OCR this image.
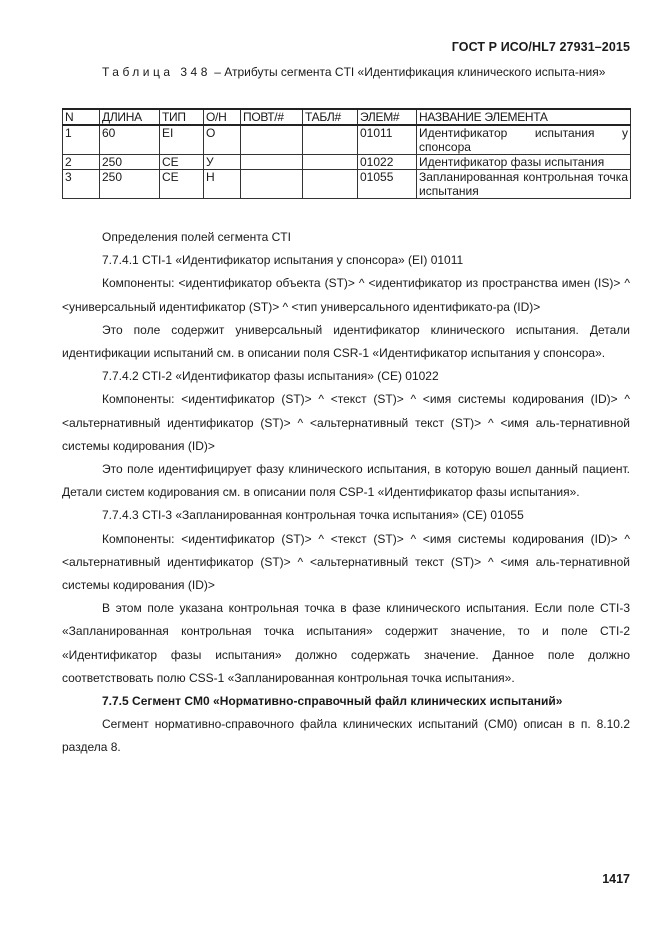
ГОСТ Р ИСО/HL7 27931–2015
Таблица 348 – Атрибуты сегмента CTI «Идентификация клинического испыта-ния»
N	ДЛИНА	ТИП	О/Н	ПОВТ/#	ТАБЛ#	ЭЛЕМ#	НАЗВАНИЕ ЭЛЕМЕНТА
1	60	EI	О			01011	Идентификатор испытания у спонсора
2	250	CE	У			01022	Идентификатор фазы испытания
3	250	CE	Н			01055	Запланированная контрольная точка испытания

Определения полей сегмента CTI

7.7.4.1 CTI-1 «Идентификатор испытания у спонсора» (EI) 01011

Компоненты: <идентификатор объекта (ST)> ^ <идентификатор из пространства имен (IS)> ^ <универсальный идентификатор (ST)> ^ <тип универсального идентификато-ра (ID)>

Это поле содержит универсальный идентификатор клинического испытания. Детали идентификации испытаний см. в описании поля CSR-1 «Идентификатор испытания у спонсора».

7.7.4.2 CTI-2 «Идентификатор фазы испытания» (CE) 01022

Компоненты: <идентификатор (ST)> ^ <текст (ST)> ^ <имя системы кодирования (ID)> ^ <альтернативный идентификатор (ST)> ^ <альтернативный текст (ST)> ^ <имя аль-тернативной системы кодирования (ID)>

Это поле идентифицирует фазу клинического испытания, в которую вошел данный пациент. Детали систем кодирования см. в описании поля CSP-1 «Идентификатор фазы испытания».

7.7.4.3 CTI-3 «Запланированная контрольная точка испытания» (CE) 01055

Компоненты: <идентификатор (ST)> ^ <текст (ST)> ^ <имя системы кодирования (ID)> ^ <альтернативный идентификатор (ST)> ^ <альтернативный текст (ST)> ^ <имя аль-тернативной системы кодирования (ID)>

В этом поле указана контрольная точка в фазе клинического испытания. Если поле CTI-3 «Запланированная контрольная точка испытания» содержит значение, то и поле CTI-2 «Идентификатор фазы испытания» должно содержать значение. Данное поле должно соответствовать полю CSS-1 «Запланированная контрольная точка испытания».

7.7.5 Сегмент CM0 «Нормативно-справочный файл клинических испытаний»

Сегмент нормативно-справочного файла клинических испытаний (CM0) описан в п. 8.10.2 раздела 8.

1417
